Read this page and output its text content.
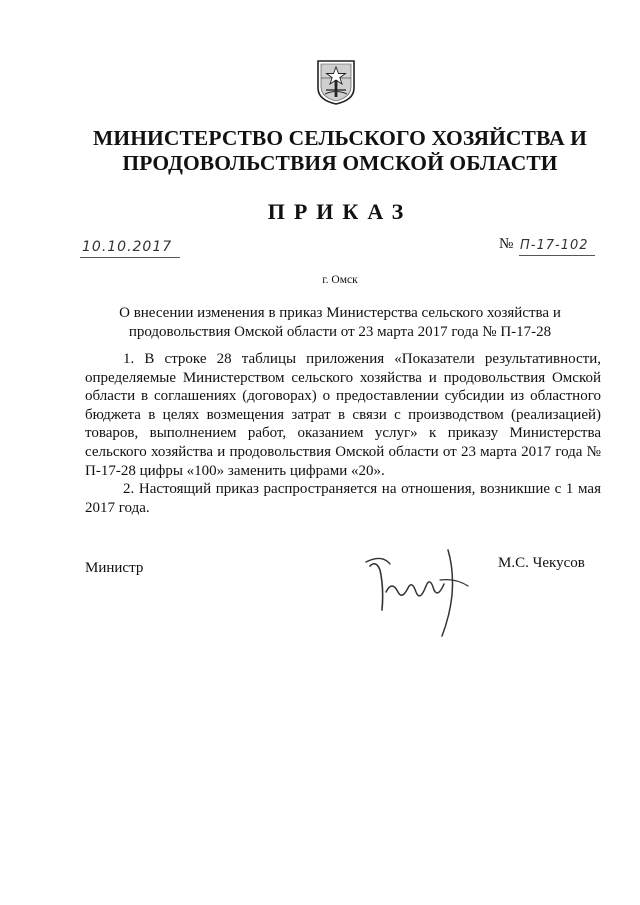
МИНИСТЕРСТВО СЕЛЬСКОГО ХОЗЯЙСТВА И
ПРОДОВОЛЬСТВИЯ ОМСКОЙ ОБЛАСТИ
ПРИКАЗ
10.10.2017	№ П-17-102
г. Омск
О внесении изменения в приказ Министерства сельского хозяйства и
продовольствия Омской области от 23 марта 2017 года № П-17-28

1. В строке 28 таблицы приложения «Показатели результативности, определяемые Министерством сельского хозяйства и продовольствия Омской области в соглашениях (договорах) о предоставлении субсидии из областного бюджета в целях возмещения затрат в связи с производством (реализацией) товаров, выполнением работ, оказанием услуг» к приказу Министерства сельского хозяйства и продовольствия Омской области от 23 марта 2017 года № П-17-28 цифры «100» заменить цифрами «20».

2. Настоящий приказ распространяется на отношения, возникшие с 1 мая 2017 года.

Министр	М.С. Чекусов
